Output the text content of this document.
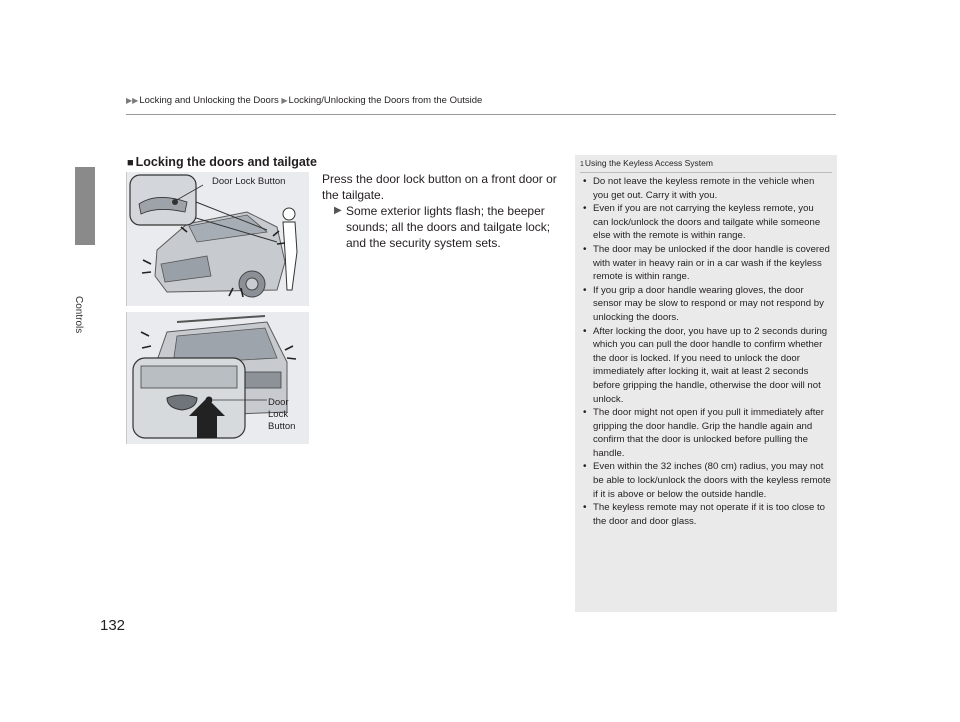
Controls
▶▶Locking and Unlocking the Doors ▶Locking/Unlocking the Doors from the Outside
■ Locking the doors and tailgate
Door Lock Button
Door
Lock
Button
Press the door lock button on a front door or the tailgate.
▶ Some exterior lights flash; the beeper sounds; all the doors and tailgate lock; and the security system sets.
1Using the Keyless Access System
• Do not leave the keyless remote in the vehicle when you get out. Carry it with you.
• Even if you are not carrying the keyless remote, you can lock/unlock the doors and tailgate while someone else with the remote is within range.
• The door may be unlocked if the door handle is covered with water in heavy rain or in a car wash if the keyless remote is within range.
• If you grip a door handle wearing gloves, the door sensor may be slow to respond or may not respond by unlocking the doors.
• After locking the door, you have up to 2 seconds during which you can pull the door handle to confirm whether the door is locked. If you need to unlock the door immediately after locking it, wait at least 2 seconds before gripping the handle, otherwise the door will not unlock.
• The door might not open if you pull it immediately after gripping the door handle. Grip the handle again and confirm that the door is unlocked before pulling the handle.
• Even within the 32 inches (80 cm) radius, you may not be able to lock/unlock the doors with the keyless remote if it is above or below the outside handle.
• The keyless remote may not operate if it is too close to the door and door glass.
132
